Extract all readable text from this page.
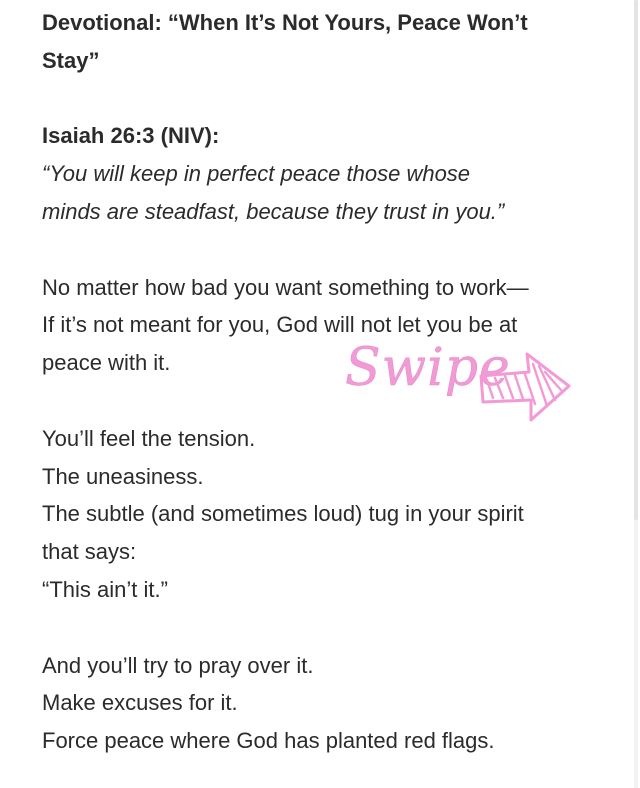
Devotional: “When It’s Not Yours, Peace Won’t

Stay”

Isaiah 26:3 (NIV):

“You will keep in perfect peace those whose

minds are steadfast, because they trust in you.”

No matter how bad you want something to work—

If it’s not meant for you, God will not let you be at

peace with it.

You’ll feel the tension.

The uneasiness.

The subtle (and sometimes loud) tug in your spirit

that says:

“This ain’t it.”

And you’ll try to pray over it.

Make excuses for it.

Force peace where God has planted red flags.

Swipe
